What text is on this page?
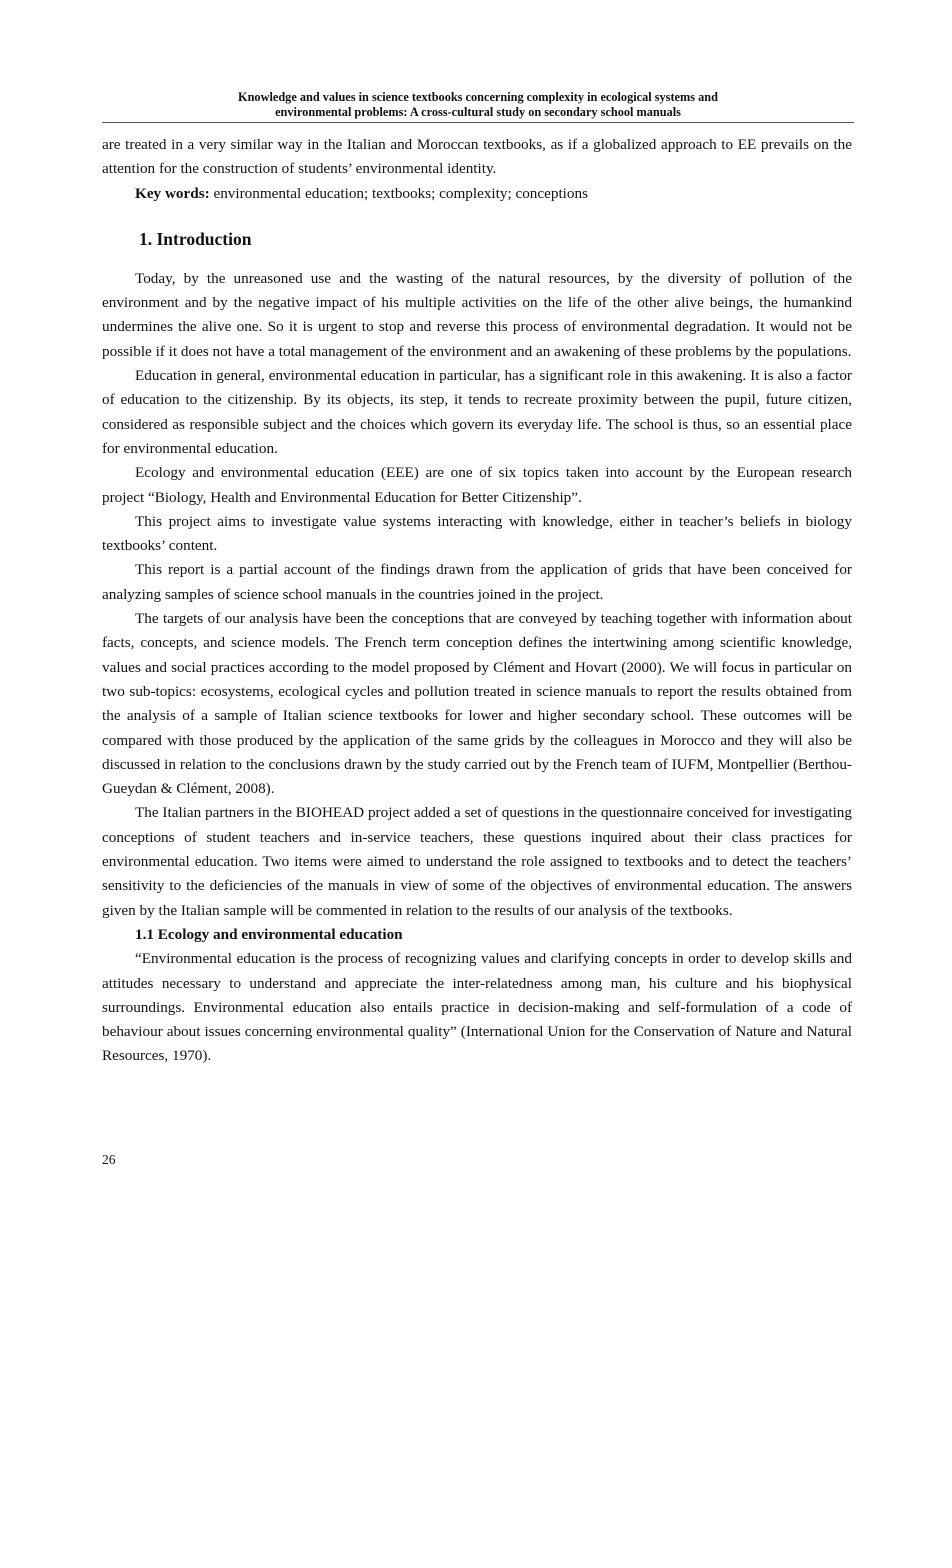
Knowledge and values in science textbooks concerning complexity in ecological systems and
environmental problems: A cross-cultural study on secondary school manuals

are treated in a very similar way in the Italian and Moroccan textbooks, as if a globalized approach to EE prevails on the attention for the construction of students’ environmental identity.

Key words: environmental education; textbooks; complexity; conceptions

1. Introduction

Today, by the unreasoned use and the wasting of the natural resources, by the diversity of pollution of the environment and by the negative impact of his multiple activities on the life of the other alive beings, the humankind undermines the alive one. So it is urgent to stop and reverse this process of environmental degradation. It would not be possible if it does not have a total management of the environment and an awakening of these problems by the populations.

Education in general, environmental education in particular, has a significant role in this awakening. It is also a factor of education to the citizenship. By its objects, its step, it tends to recreate proximity between the pupil, future citizen, considered as responsible subject and the choices which govern its everyday life. The school is thus, so an essential place for environmental education.

Ecology and environmental education (EEE) are one of six topics taken into account by the European research project “Biology, Health and Environmental Education for Better Citizenship”.

This project aims to investigate value systems interacting with knowledge, either in teacher’s beliefs in biology textbooks’ content.

This report is a partial account of the findings drawn from the application of grids that have been conceived for analyzing samples of science school manuals in the countries joined in the project.

The targets of our analysis have been the conceptions that are conveyed by teaching together with information about facts, concepts, and science models. The French term conception defines the intertwining among scientific knowledge, values and social practices according to the model proposed by Clément and Hovart (2000). We will focus in particular on two sub-topics: ecosystems, ecological cycles and pollution treated in science manuals to report the results obtained from the analysis of a sample of Italian science textbooks for lower and higher secondary school. These outcomes will be compared with those produced by the application of the same grids by the colleagues in Morocco and they will also be discussed in relation to the conclusions drawn by the study carried out by the French team of IUFM, Montpellier (Berthou-Gueydan & Clément, 2008).

The Italian partners in the BIOHEAD project added a set of questions in the questionnaire conceived for investigating conceptions of student teachers and in-service teachers, these questions inquired about their class practices for environmental education. Two items were aimed to understand the role assigned to textbooks and to detect the teachers’ sensitivity to the deficiencies of the manuals in view of some of the objectives of environmental education. The answers given by the Italian sample will be commented in relation to the results of our analysis of the textbooks.

1.1 Ecology and environmental education

“Environmental education is the process of recognizing values and clarifying concepts in order to develop skills and attitudes necessary to understand and appreciate the inter-relatedness among man, his culture and his biophysical surroundings. Environmental education also entails practice in decision-making and self-formulation of a code of behaviour about issues concerning environmental quality” (International Union for the Conservation of Nature and Natural Resources, 1970).

26
